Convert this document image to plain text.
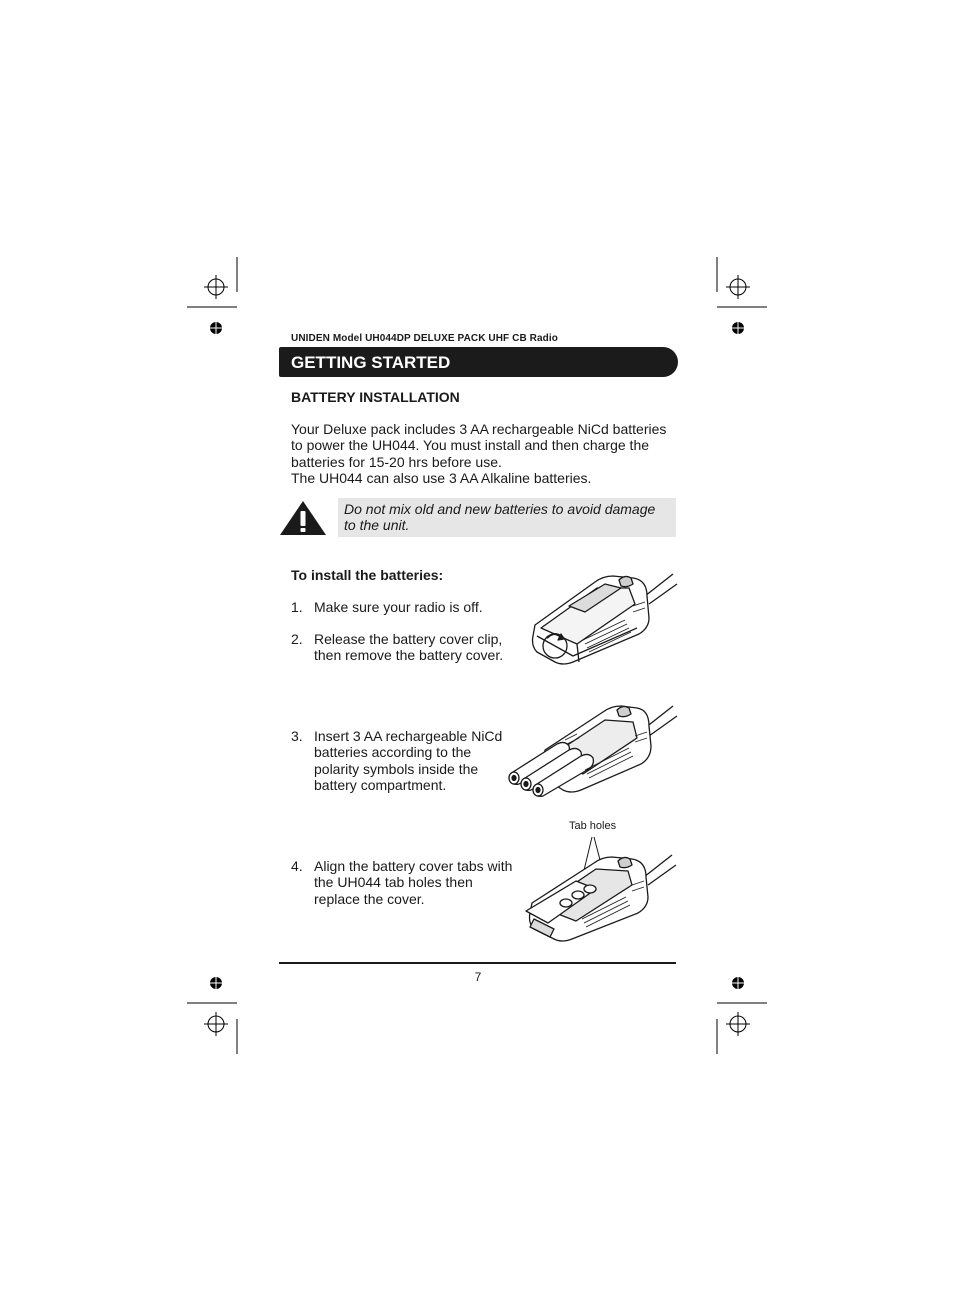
UNIDEN Model UH044DP DELUXE PACK UHF CB Radio
GETTING STARTED
BATTERY INSTALLATION

Your Deluxe pack includes 3 AA rechargeable NiCd batteries to power the UH044. You must install and then charge the batteries for 15-20 hrs before use.

The UH044 can also use 3 AA Alkaline batteries.

Do not mix old and new batteries to avoid damage to the unit.
To install the batteries:
1. Make sure your radio is off.
2. Release the battery cover clip, then remove the battery cover.
3. Insert 3 AA rechargeable NiCd batteries according to the polarity symbols inside the battery compartment.
4. Align the battery cover tabs with the UH044 tab holes then replace the cover.
Tab holes
7
